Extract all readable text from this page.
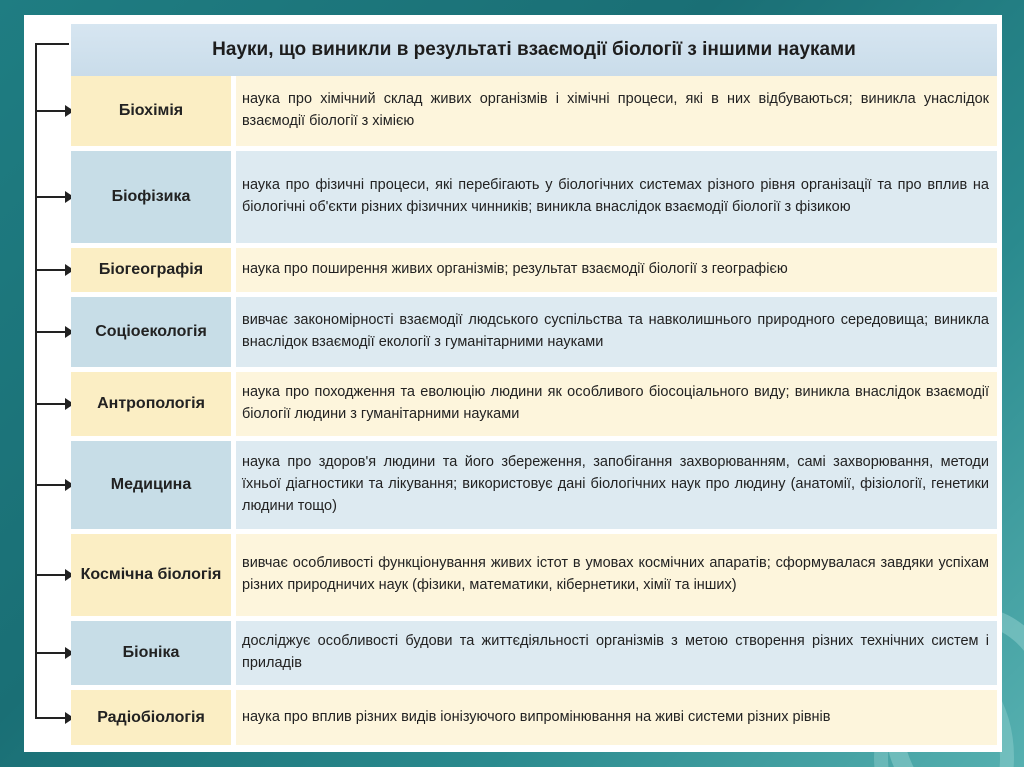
Науки, що виникли в результаті взаємодії біології з іншими науками
Біохімія
наука про хімічний склад живих організмів і хімічні процеси, які в них відбуваються; виникла унаслідок взаємодії біології з хімією
Біофізика
наука про фізичні процеси, які перебігають у біологічних системах різного рівня організації та про вплив на біологічні об'єкти різних фізичних чинників; виникла внаслідок взаємодії біології з фізикою
Біогеографія	наука про поширення живих організмів; результат взаємодії біології з географією
Соціоекологія
вивчає закономірності взаємодії людського суспільства та навколишнього природного середовища; виникла внаслідок взаємодії екології з гуманітарними науками
Антропологія
наука про походження та еволюцію людини як особливого біосоціального виду; виникла внаслідок взаємодії біології людини з гуманітарними науками
Медицина
наука про здоров'я людини та його збереження, запобігання захворюванням, самі захворювання, методи їхньої діагностики та лікування; використовує дані біологічних наук про людину (анатомії, фізіології, генетики людини тощо)
Космічна біологія
вивчає особливості функціонування живих істот в умовах космічних апаратів; сформувалася завдяки успіхам різних природничих наук (фізики, математики, кібернетики, хімії та інших)
Біоніка
досліджує особливості будови та життєдіяльності організмів з метою створення різних технічних систем і приладів
Радіобіологія	наука про вплив різних видів іонізуючого випромінювання на живі системи різних рівнів
